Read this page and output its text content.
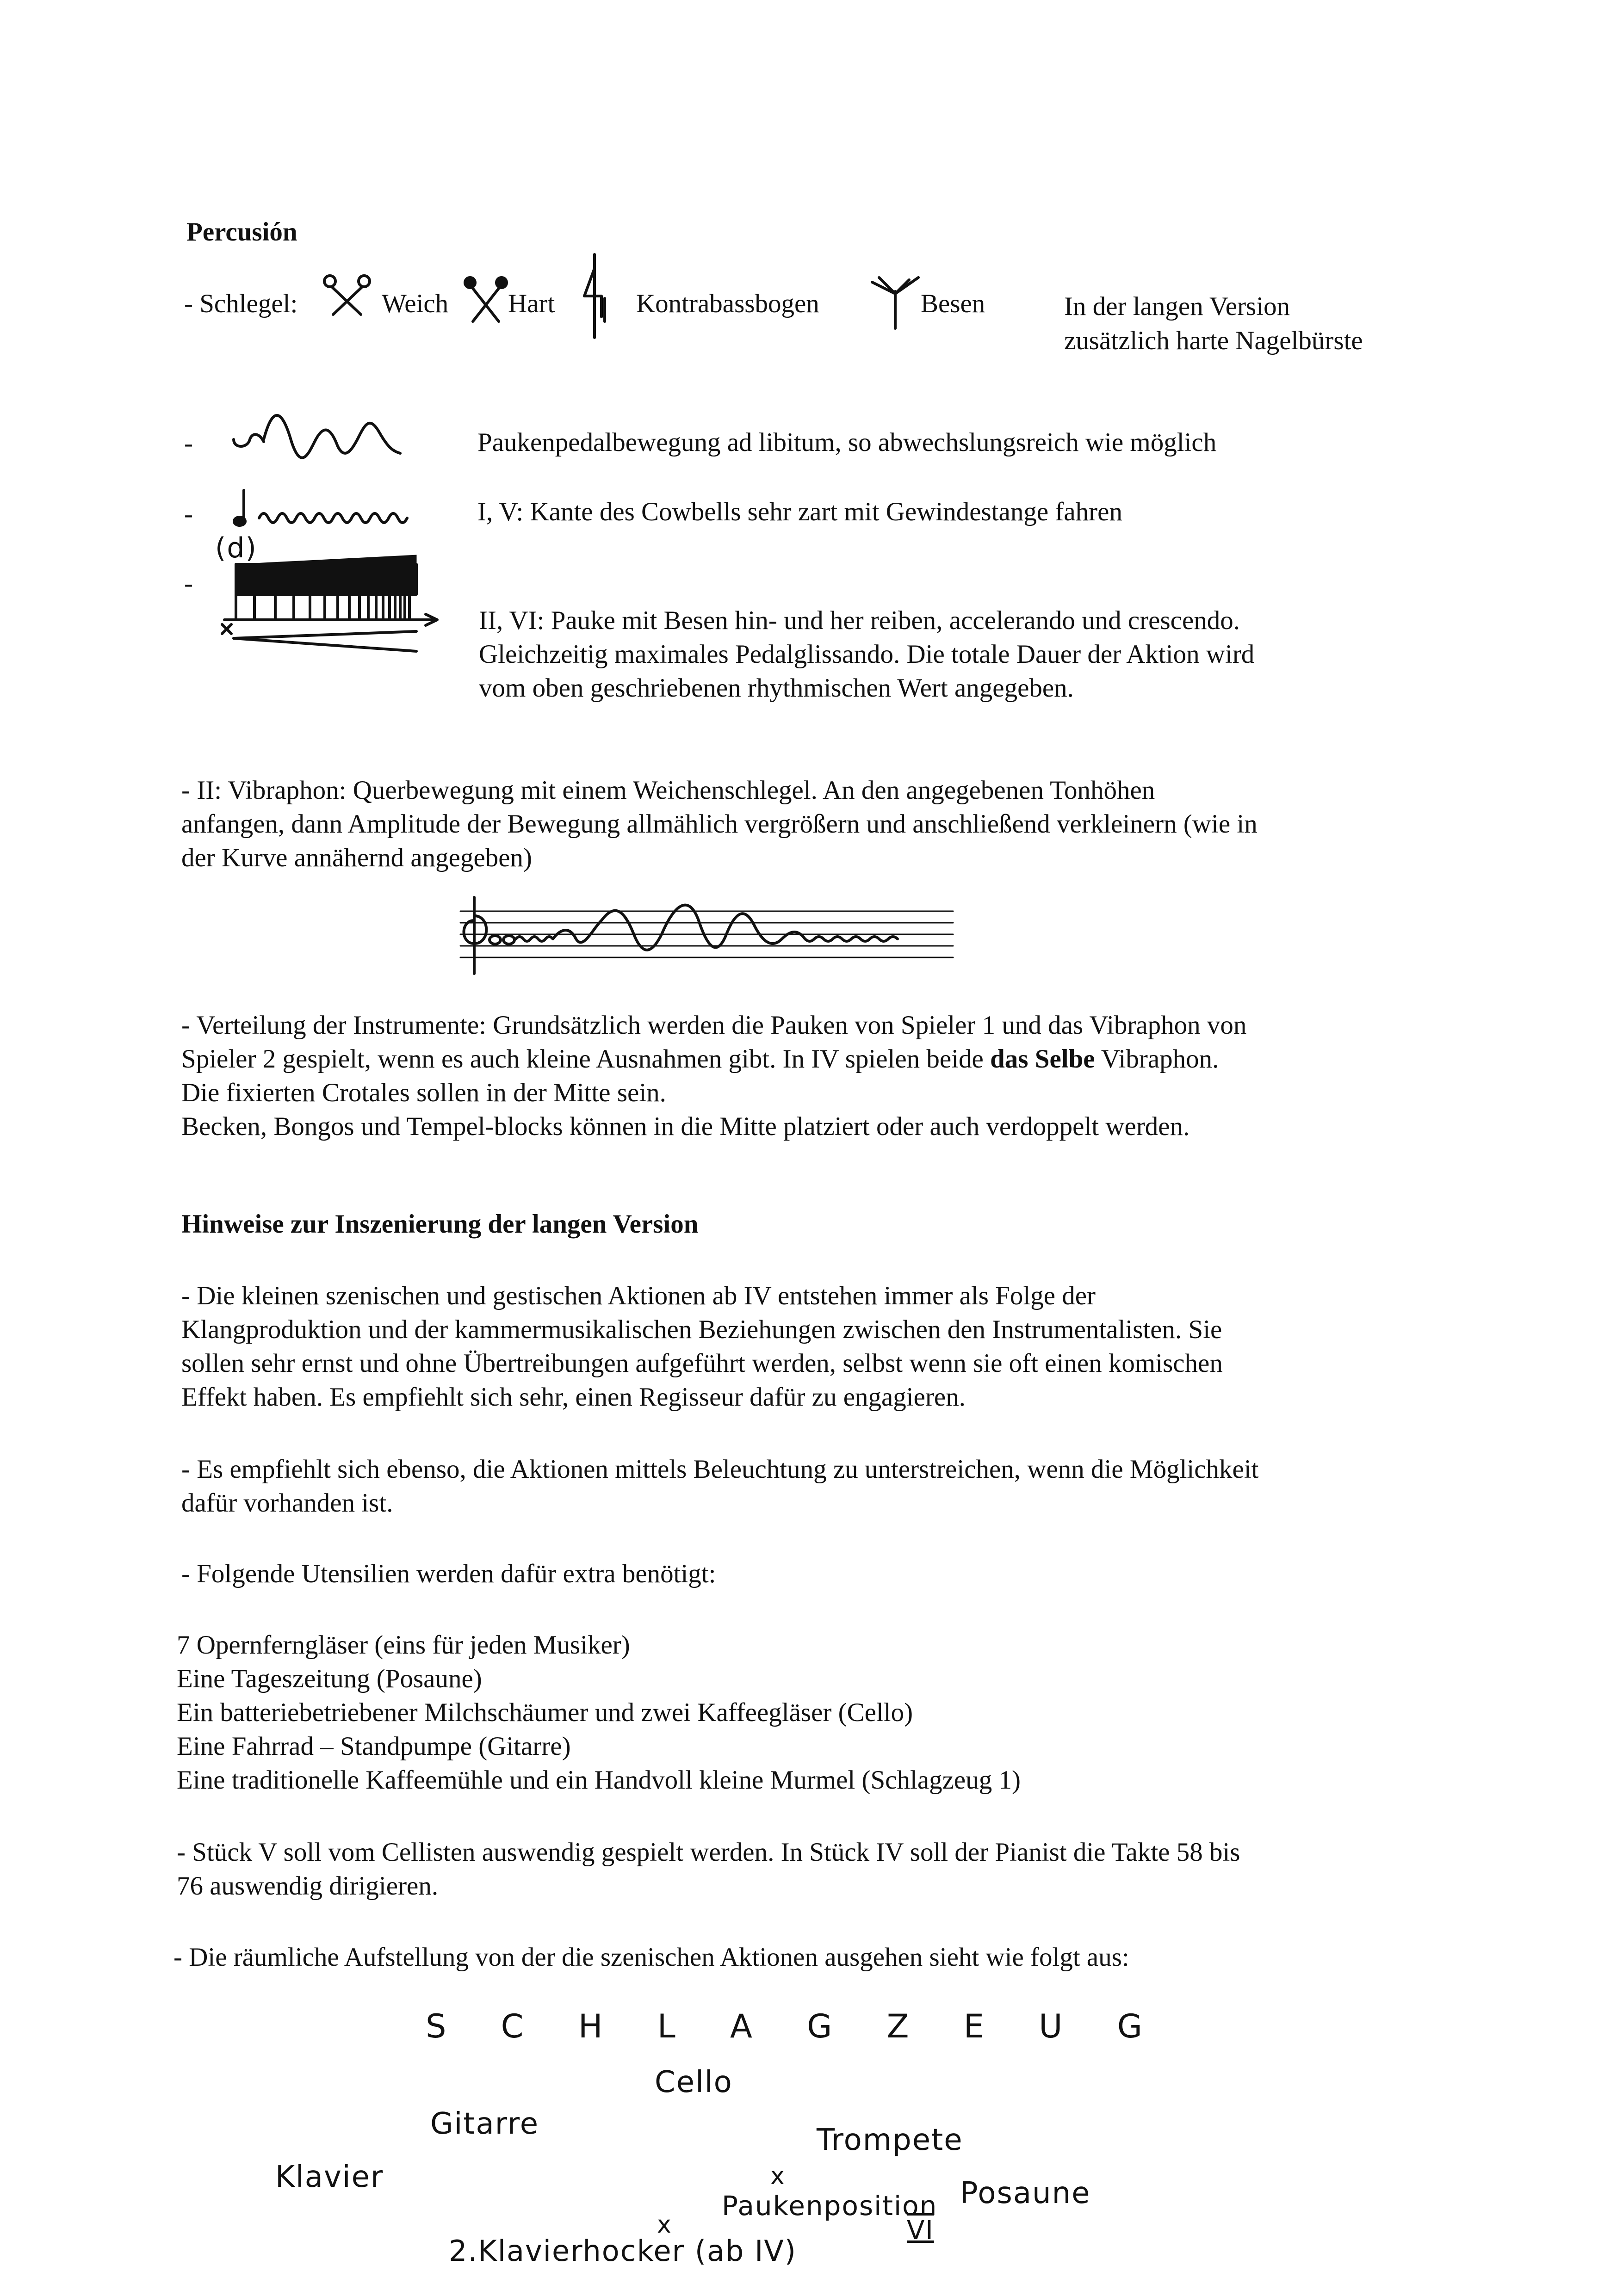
Percusión
- Schlegel:	Weich Hart	Kontrabassbogen	Besen	In der langen Version
zusätzlich harte Nagelbürste
-	Paukenpedalbewegung ad libitum, so abwechslungsreich wie möglich
-	I, V: Kante des Cowbells sehr zart mit Gewindestange fahren
-
(d)
II, VI: Pauke mit Besen hin- und her reiben, accelerando und crescendo.
Gleichzeitig maximales Pedalglissando. Die totale Dauer der Aktion wird
vom oben geschriebenen rhythmischen Wert angegeben.
- II: Vibraphon: Querbewegung mit einem Weichenschlegel. An den angegebenen Tonhöhen
anfangen, dann Amplitude der Bewegung allmählich vergrößern und anschließend verkleinern (wie in
der Kurve annähernd angegeben)
- Verteilung der Instrumente: Grundsätzlich werden die Pauken von Spieler 1 und das Vibraphon von
Spieler 2 gespielt, wenn es auch kleine Ausnahmen gibt. In IV spielen beide das Selbe Vibraphon.
Die fixierten Crotales sollen in der Mitte sein.
Becken, Bongos und Tempel-blocks können in die Mitte platziert oder auch verdoppelt werden.
Hinweise zur Inszenierung der langen Version
- Die kleinen szenischen und gestischen Aktionen ab IV entstehen immer als Folge der
Klangproduktion und der kammermusikalischen Beziehungen zwischen den Instrumentalisten. Sie
sollen sehr ernst und ohne Übertreibungen aufgeführt werden, selbst wenn sie oft einen komischen
Effekt haben. Es empfiehlt sich sehr, einen Regisseur dafür zu engagieren.
- Es empfiehlt sich ebenso, die Aktionen mittels Beleuchtung zu unterstreichen, wenn die Möglichkeit
dafür vorhanden ist.
- Folgende Utensilien werden dafür extra benötigt:
7 Opernferngläser (eins für jeden Musiker)
Eine Tageszeitung (Posaune)
Ein batteriebetriebener Milchschäumer und zwei Kaffeegläser (Cello)
Eine Fahrrad – Standpumpe (Gitarre)
Eine traditionelle Kaffeemühle und ein Handvoll kleine Murmel (Schlagzeug 1)
- Stück V soll vom Cellisten auswendig gespielt werden. In Stück IV soll der Pianist die Takte 58 bis
76 auswendig dirigieren.
- Die räumliche Aufstellung von der die szenischen Aktionen ausgehen sieht wie folgt aus:
S C H L A G Z E U G
Cello
Gitarre	Trompete
Klavier	Posaune
x
Paukenposition
x
2.Klavierhocker (ab IV)
VI
